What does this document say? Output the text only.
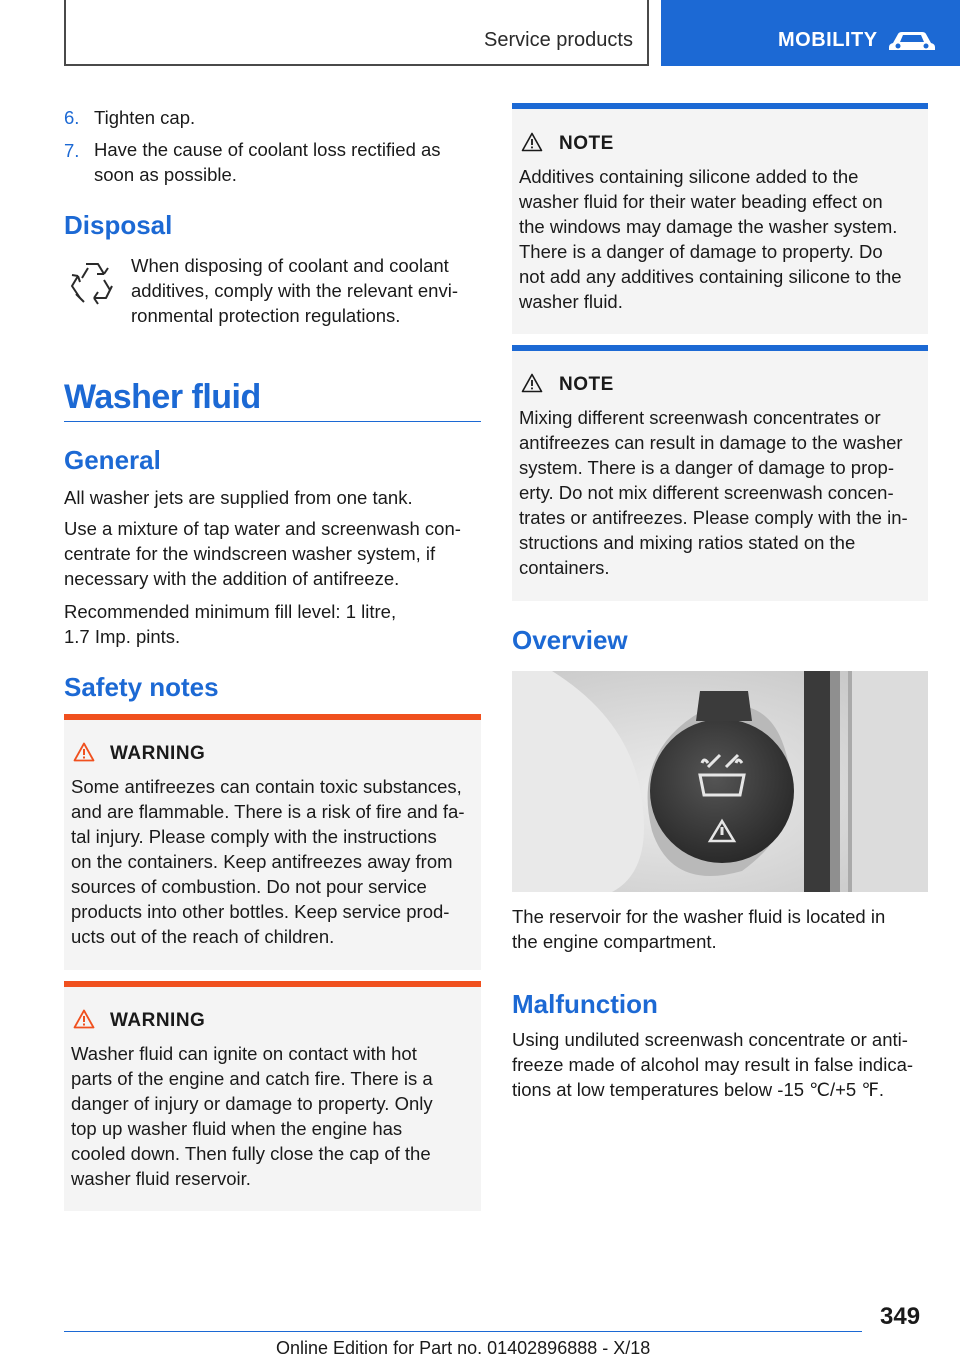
Service products	MOBILITY
6. Tighten cap.
7. Have the cause of coolant loss rectified as
soon as possible.
Disposal
When disposing of coolant and coolant
additives, comply with the relevant envi-
ronmental protection regulations.
Washer fluid
General
All washer jets are supplied from one tank.
Use a mixture of tap water and screenwash con-
centrate for the windscreen washer system, if
necessary with the addition of antifreeze.
Recommended minimum fill level: 1 litre,
1.7 Imp. pints.
Safety notes
WARNING
Some antifreezes can contain toxic substances,
and are flammable. There is a risk of fire and fa-
tal injury. Please comply with the instructions
on the containers. Keep antifreezes away from
sources of combustion. Do not pour service
products into other bottles. Keep service prod-
ucts out of the reach of children.
WARNING
Washer fluid can ignite on contact with hot
parts of the engine and catch fire. There is a
danger of injury or damage to property. Only
top up washer fluid when the engine has
cooled down. Then fully close the cap of the
washer fluid reservoir.
NOTE
Additives containing silicone added to the
washer fluid for their water beading effect on
the windows may damage the washer system.
There is a danger of damage to property. Do
not add any additives containing silicone to the
washer fluid.
NOTE
Mixing different screenwash concentrates or
antifreezes can result in damage to the washer
system. There is a danger of damage to prop-
erty. Do not mix different screenwash concen-
trates or antifreezes. Please comply with the in-
structions and mixing ratios stated on the
containers.
Overview
The reservoir for the washer fluid is located in
the engine compartment.
Malfunction
Using undiluted screenwash concentrate or anti-
freeze made of alcohol may result in false indica-
tions at low temperatures below -15 ℃/+5 ℉.
349
Online Edition for Part no. 01402896888 - X/18
